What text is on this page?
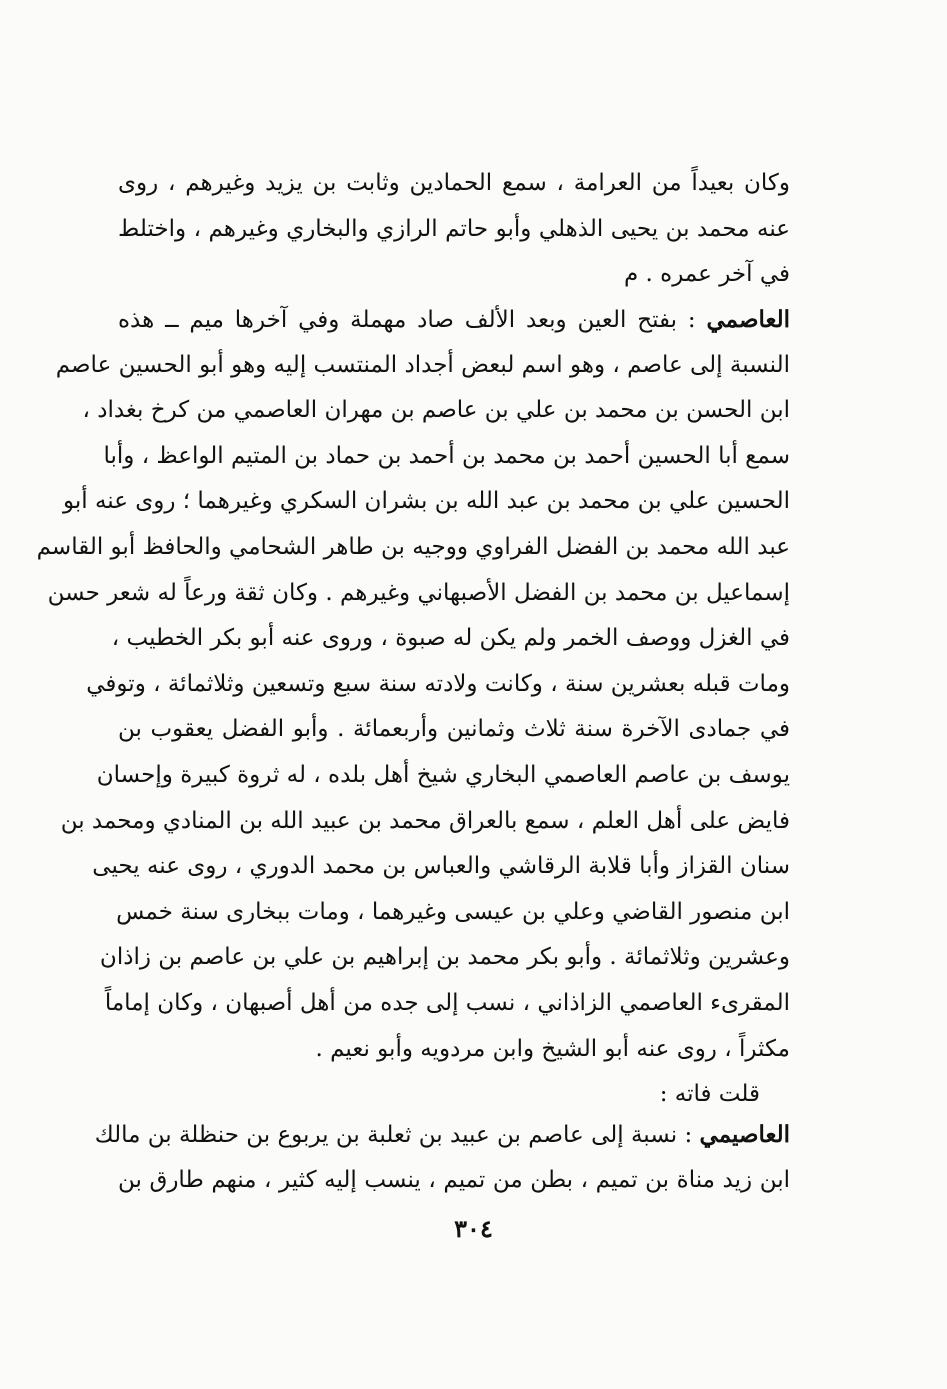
وكان بعيداً من العرامة ، سمع الحمادين وثابت بن يزيد وغيرهم ، روى
عنه محمد بن يحيى الذهلي وأبو حاتم الرازي والبخاري وغيرهم ، واختلط
في آخر عمره . م
العاصمي : بفتح العين وبعد الألف صاد مهملة وفي آخرها ميم ــ هذه
النسبة إلى عاصم ، وهو اسم لبعض أجداد المنتسب إليه وهو أبو الحسين عاصم
ابن الحسن بن محمد بن علي بن عاصم بن مهران العاصمي من كرخ بغداد ،
سمع أبا الحسين أحمد بن محمد بن أحمد بن حماد بن المتيم الواعظ ، وأبا
الحسين علي بن محمد بن عبد الله بن بشران السكري وغيرهما ؛ روى عنه أبو
عبد الله محمد بن الفضل الفراوي ووجيه بن طاهر الشحامي والحافظ أبو القاسم
إسماعيل بن محمد بن الفضل الأصبهاني وغيرهم . وكان ثقة ورعاً له شعر حسن
في الغزل ووصف الخمر ولم يكن له صبوة ، وروى عنه أبو بكر الخطيب ،
ومات قبله بعشرين سنة ، وكانت ولادته سنة سبع وتسعين وثلاثمائة ، وتوفي
في جمادى الآخرة سنة ثلاث وثمانين وأربعمائة . وأبو الفضل يعقوب بن
يوسف بن عاصم العاصمي البخاري شيخ أهل بلده ، له ثروة كبيرة وإحسان
فايض على أهل العلم ، سمع بالعراق محمد بن عبيد الله بن المنادي ومحمد بن
سنان القزاز وأبا قلابة الرقاشي والعباس بن محمد الدوري ، روى عنه يحيى
ابن منصور القاضي وعلي بن عيسى وغيرهما ، ومات ببخارى سنة خمس
وعشرين وثلاثمائة . وأبو بكر محمد بن إبراهيم بن علي بن عاصم بن زاذان
المقرىء العاصمي الزاذاني ، نسب إلى جده من أهل أصبهان ، وكان إماماً
مكثراً ، روى عنه أبو الشيخ وابن مردويه وأبو نعيم .
قلت فاته :
العاصيمي : نسبة إلى عاصم بن عبيد بن ثعلبة بن يربوع بن حنظلة بن مالك
ابن زيد مناة بن تميم ، بطن من تميم ، ينسب إليه كثير ، منهم طارق بن
٣٠٤
